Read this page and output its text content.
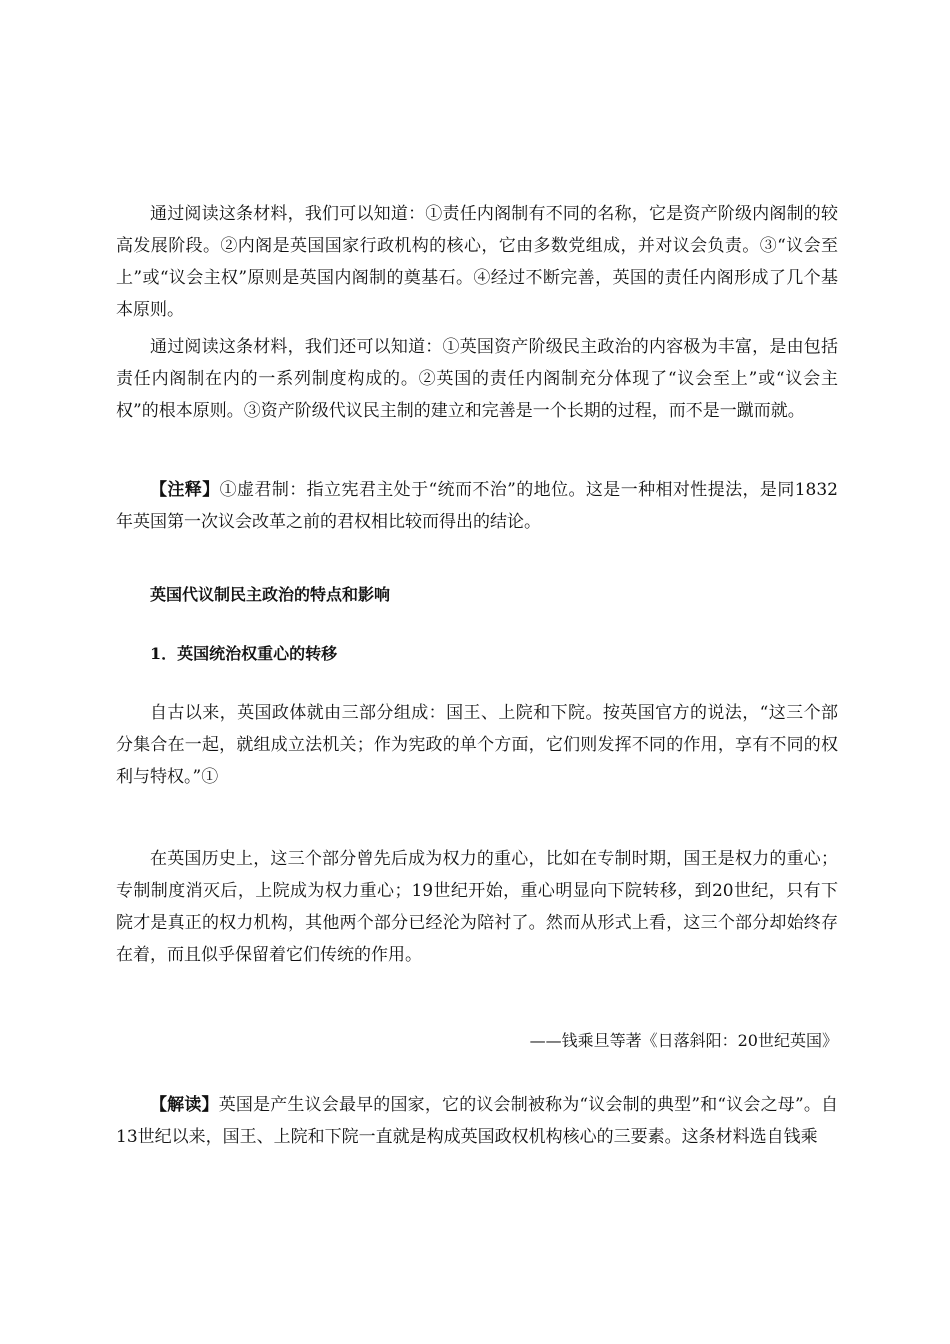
通过阅读这条材料，我们可以知道：①责任内阁制有不同的名称，它是资产阶级内阁制的较高发展阶段。②内阁是英国国家行政机构的核心，它由多数党组成，并对议会负责。③“议会至上”或“议会主权”原则是英国内阁制的奠基石。④经过不断完善，英国的责任内阁形成了几个基本原则。

通过阅读这条材料，我们还可以知道：①英国资产阶级民主政治的内容极为丰富，是由包括责任内阁制在内的一系列制度构成的。②英国的责任内阁制充分体现了“议会至上”或“议会主权”的根本原则。③资产阶级代议民主制的建立和完善是一个长期的过程，而不是一蹴而就。

【注释】①虚君制：指立宪君主处于“统而不治”的地位。这是一种相对性提法，是同1832年英国第一次议会改革之前的君权相比较而得出的结论。

英国代议制民主政治的特点和影响

1．英国统治权重心的转移

自古以来，英国政体就由三部分组成：国王、上院和下院。按英国官方的说法，“这三个部分集合在一起，就组成立法机关；作为宪政的单个方面，它们则发挥不同的作用，享有不同的权利与特权。”①

在英国历史上，这三个部分曾先后成为权力的重心，比如在专制时期，国王是权力的重心；专制制度消灭后，上院成为权力重心；19世纪开始，重心明显向下院转移，到20世纪，只有下院才是真正的权力机构，其他两个部分已经沦为陪衬了。然而从形式上看，这三个部分却始终存在着，而且似乎保留着它们传统的作用。

——钱乘旦等著《日落斜阳：20世纪英国》

【解读】英国是产生议会最早的国家，它的议会制被称为“议会制的典型”和“议会之母”。自13世纪以来，国王、上院和下院一直就是构成英国政权机构核心的三要素。这条材料选自钱乘
